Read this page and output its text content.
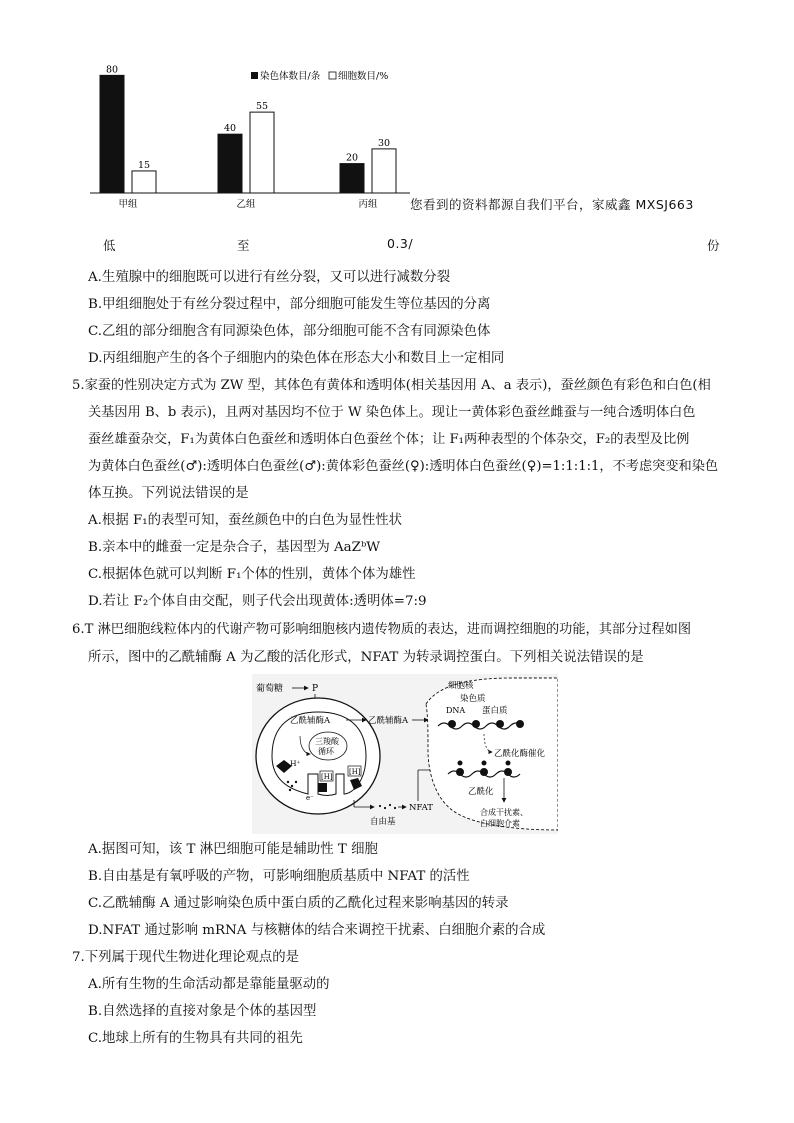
80
15
40
55
20
30
染色体数目/条 细胞数目/%
甲组	乙组	丙组	您看到的资料都源自我们平台，家威鑫 MXSJ663
低	至	0.3/	份
A.生殖腺中的细胞既可以进行有丝分裂，又可以进行减数分裂
B.甲组细胞处于有丝分裂过程中，部分细胞可能发生等位基因的分离
C.乙组的部分细胞含有同源染色体，部分细胞可能不含有同源染色体
D.丙组细胞产生的各个子细胞内的染色体在形态大小和数目上一定相同
5.家蚕的性别决定方式为 ZW 型，其体色有黄体和透明体(相关基因用 A、a 表示)，蚕丝颜色有彩色和白色(相
关基因用 B、b 表示)，且两对基因均不位于 W 染色体上。现让一黄体彩色蚕丝雌蚕与一纯合透明体白色
蚕丝雄蚕杂交，F₁为黄体白色蚕丝和透明体白色蚕丝个体；让 F₁两种表型的个体杂交，F₂的表型及比例
为黄体白色蚕丝(♂):透明体白色蚕丝(♂):黄体彩色蚕丝(♀):透明体白色蚕丝(♀)=1:1:1:1，不考虑突变和染色
体互换。下列说法错误的是
A.根据 F₁的表型可知，蚕丝颜色中的白色为显性性状
B.亲本中的雌蚕一定是杂合子，基因型为 AaZᵇW
C.根据体色就可以判断 F₁个体的性别，黄体个体为雄性
D.若让 F₂个体自由交配，则子代会出现黄体:透明体=7:9
6.T 淋巴细胞线粒体内的代谢产物可影响细胞核内遗传物质的表达，进而调控细胞的功能，其部分过程如图
所示，图中的乙酰辅酶 A 为乙酸的活化形式，NFAT 为转录调控蛋白。下列相关说法错误的是
葡萄糖	P
乙酰辅酶A
三羧酸
循环
H⁺
[H]
[H]
e⁻
乙酰辅酶A
NFAT
自由基
细胞核
染色质
DNA 蛋白质
乙酰化酶催化
乙酰化
合成干扰素、
白细胞介素
A.据图可知，该 T 淋巴细胞可能是辅助性 T 细胞
B.自由基是有氧呼吸的产物，可影响细胞质基质中 NFAT 的活性
C.乙酰辅酶 A 通过影响染色质中蛋白质的乙酰化过程来影响基因的转录
D.NFAT 通过影响 mRNA 与核糖体的结合来调控干扰素、白细胞介素的合成
7.下列属于现代生物进化理论观点的是
A.所有生物的生命活动都是靠能量驱动的
B.自然选择的直接对象是个体的基因型
C.地球上所有的生物具有共同的祖先
